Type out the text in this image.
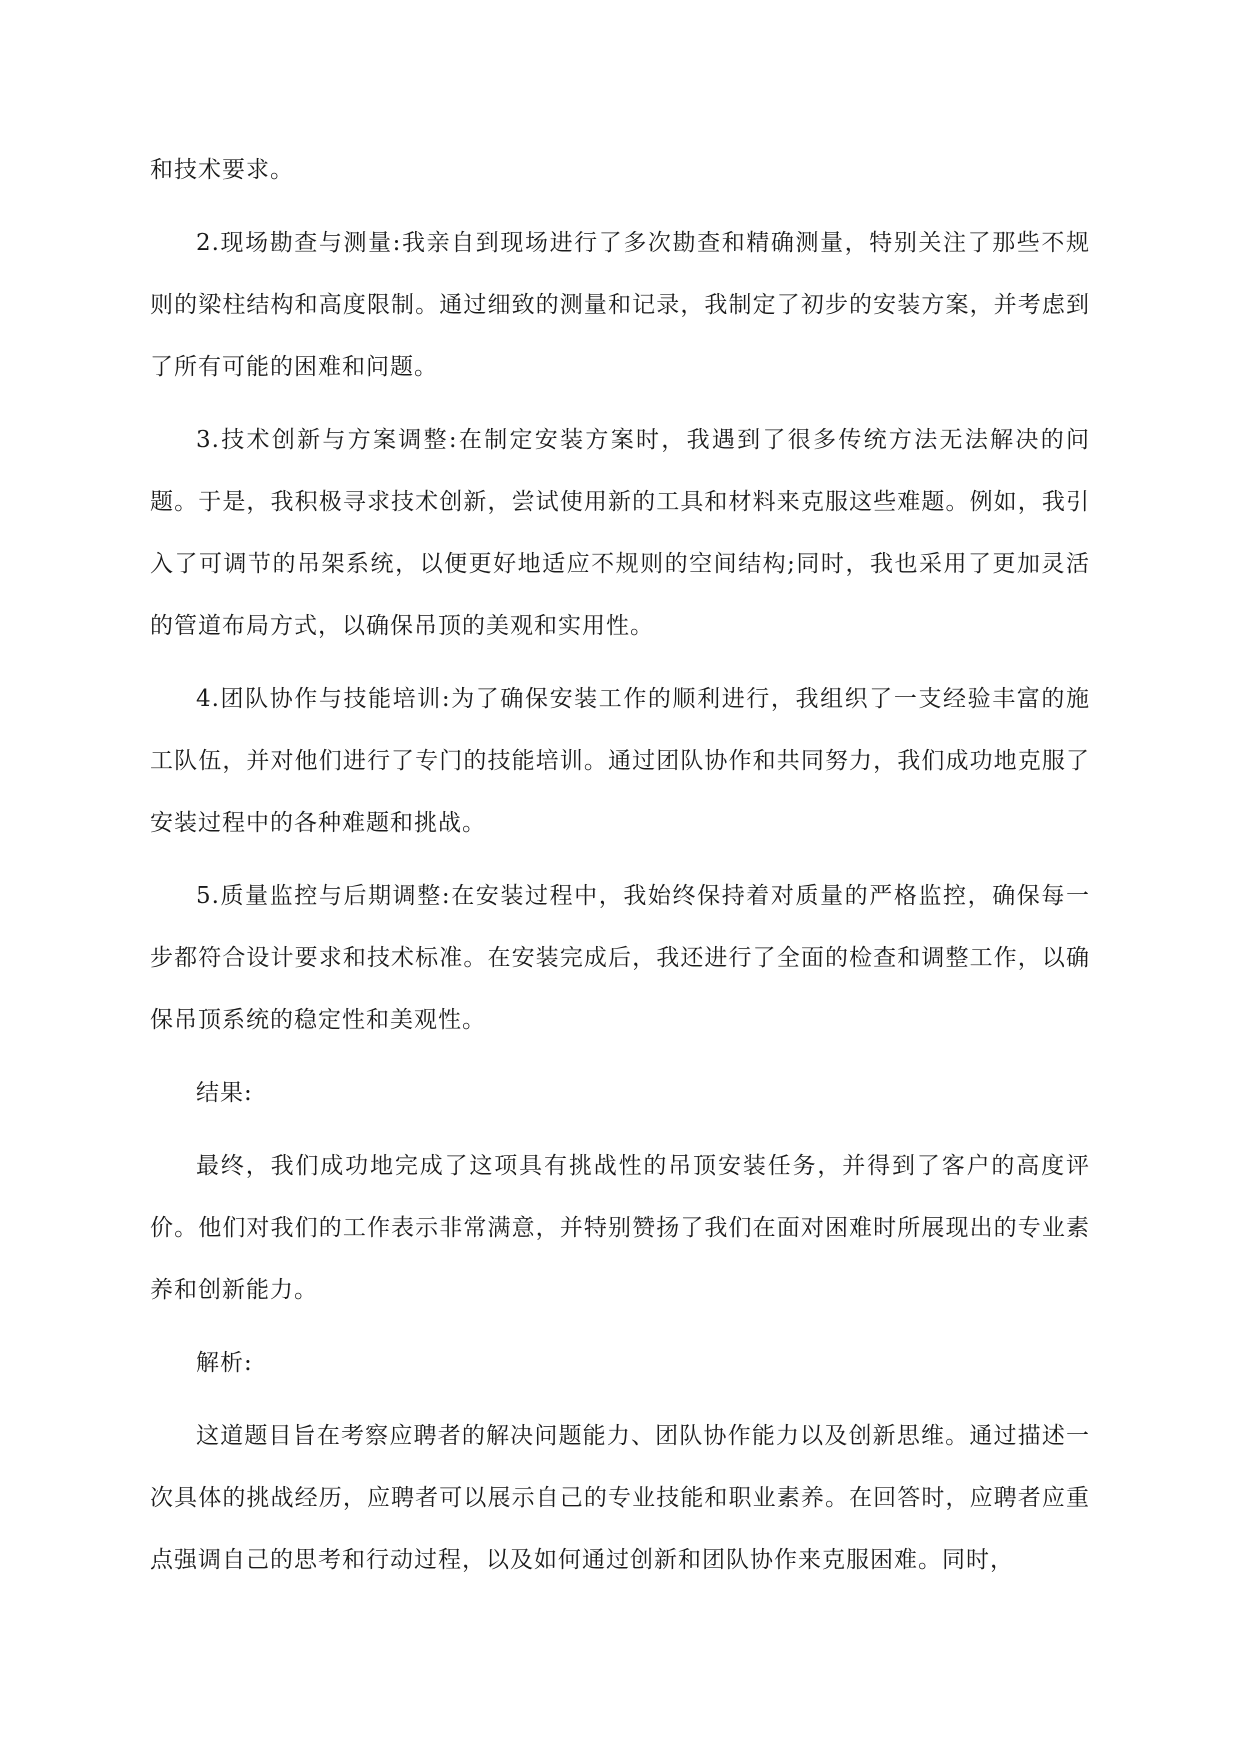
和技术要求。

2.现场勘查与测量:我亲自到现场进行了多次勘查和精确测量，特别关注了那些不规则的梁柱结构和高度限制。通过细致的测量和记录，我制定了初步的安装方案，并考虑到了所有可能的困难和问题。

3.技术创新与方案调整:在制定安装方案时，我遇到了很多传统方法无法解决的问题。于是，我积极寻求技术创新，尝试使用新的工具和材料来克服这些难题。例如，我引入了可调节的吊架系统，以便更好地适应不规则的空间结构;同时，我也采用了更加灵活的管道布局方式，以确保吊顶的美观和实用性。

4.团队协作与技能培训:为了确保安装工作的顺利进行，我组织了一支经验丰富的施工队伍，并对他们进行了专门的技能培训。通过团队协作和共同努力，我们成功地克服了安装过程中的各种难题和挑战。

5.质量监控与后期调整:在安装过程中，我始终保持着对质量的严格监控，确保每一步都符合设计要求和技术标准。在安装完成后，我还进行了全面的检查和调整工作，以确保吊顶系统的稳定性和美观性。

结果:

最终，我们成功地完成了这项具有挑战性的吊顶安装任务，并得到了客户的高度评价。他们对我们的工作表示非常满意，并特别赞扬了我们在面对困难时所展现出的专业素养和创新能力。

解析:

这道题目旨在考察应聘者的解决问题能力、团队协作能力以及创新思维。通过描述一次具体的挑战经历，应聘者可以展示自己的专业技能和职业素养。在回答时，应聘者应重点强调自己的思考和行动过程，以及如何通过创新和团队协作来克服困难。同时，
